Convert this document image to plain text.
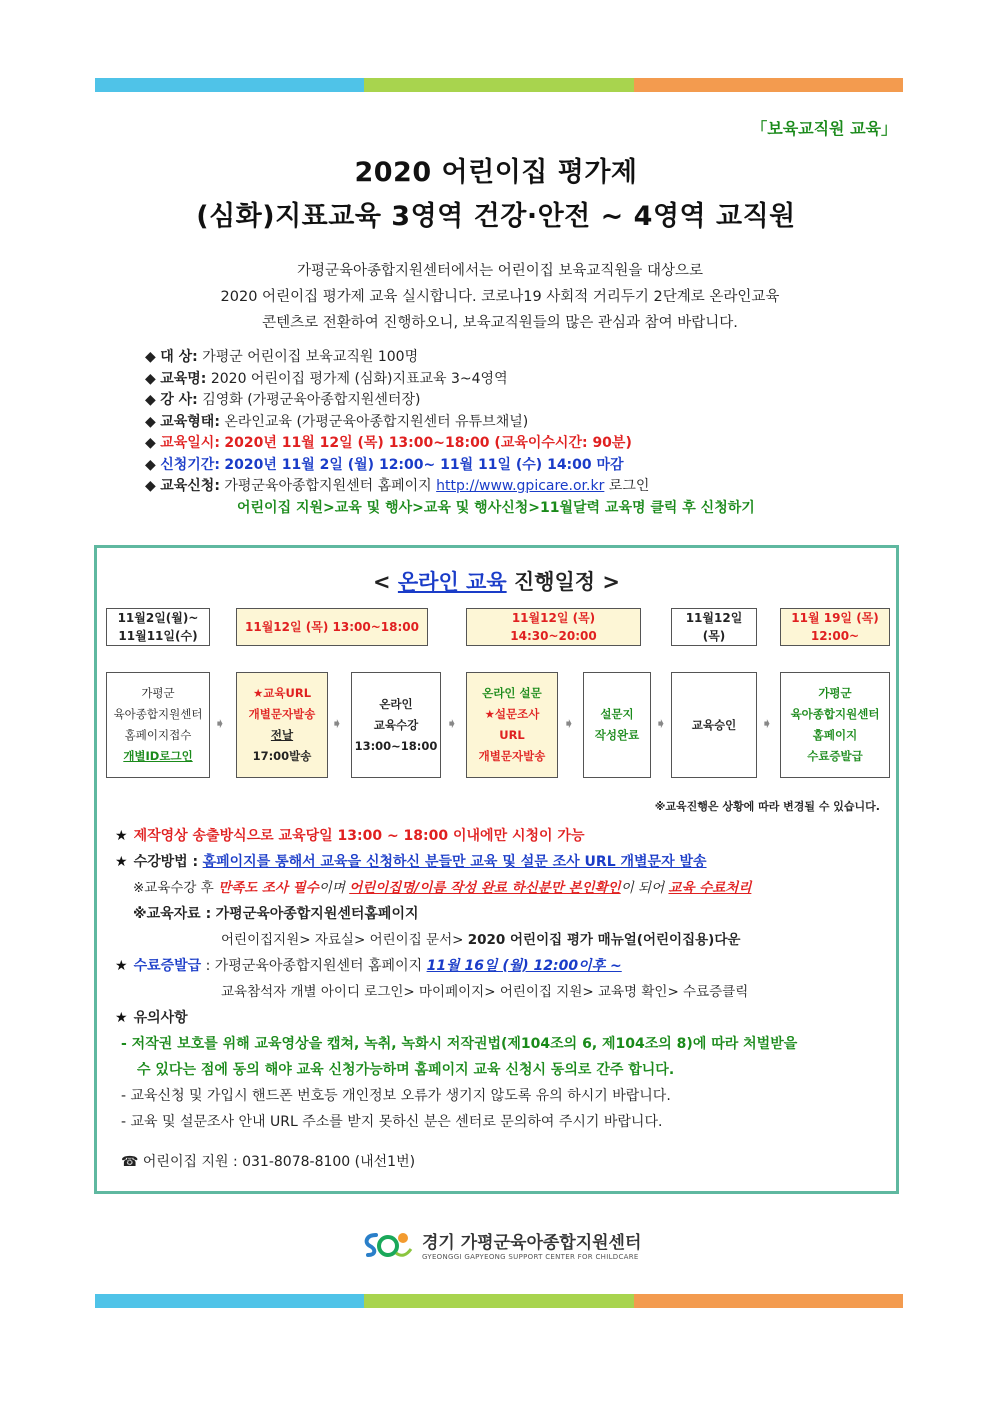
「보육교직원 교육」
2020 어린이집 평가제
(심화)지표교육 3영역 건강·안전 ~ 4영역 교직원
가평군육아종합지원센터에서는 어린이집 보육교직원을 대상으로
2020 어린이집 평가제 교육 실시합니다. 코로나19 사회적 거리두기 2단계로 온라인교육
콘텐츠로 전환하여 진행하오니, 보육교직원들의 많은 관심과 참여 바랍니다.
◆ 대 상: 가평군 어린이집 보육교직원 100명
◆ 교육명: 2020 어린이집 평가제 (심화)지표교육 3~4영역
◆ 강 사: 김영화 (가평군육아종합지원센터장)
◆ 교육형태: 온라인교육 (가평군육아종합지원센터 유튜브채널)
◆ 교육일시: 2020년 11월 12일 (목) 13:00~18:00 (교육이수시간: 90분)
◆ 신청기간: 2020년 11월 2일 (월) 12:00~ 11월 11일 (수) 14:00 마감
◆ 교육신청: 가평군육아종합지원센터 홈페이지 http://www.gpicare.or.kr 로그인
어린이집 지원>교육 및 행사>교육 및 행사신청>11월달력 교육명 클릭 후 신청하기
< 온라인 교육 진행일정 >
11월2일(월)~
11월11일(수)
11월12일 (목) 13:00~18:00
11월12일 (목) 14:30~20:00
11월12일
(목)
11월 19일 (목)
12:00~
가평군
육아종합지원센터
홈페이지접수
개별ID로그인
➧
★교육URL
개별문자발송
전날
17:00발송
➧
온라인
교육수강
13:00~18:00
➧
온라인 설문
★설문조사
URL
개별문자발송
➧
설문지
작성완료
➧ 교육승인 ➧
가평군
육아종합지원센터
홈페이지
수료증발급
※교육진행은 상황에 따라 변경될 수 있습니다.
★ 제작영상 송출방식으로 교육당일 13:00 ~ 18:00 이내에만 시청이 가능
★ 수강방법 : 홈페이지를 통해서 교육을 신청하신 분들만 교육 및 설문 조사 URL 개별문자 발송
※교육수강 후 만족도 조사 필수이며 어린이집명/이름 작성 완료 하신분만 본인확인이 되어 교육 수료처리
※교육자료 : 가평군육아종합지원센터홈페이지
어린이집지원> 자료실> 어린이집 문서> 2020 어린이집 평가 매뉴얼(어린이집용)다운
★ 수료증발급 : 가평군육아종합지원센터 홈페이지 11월 16일 (월) 12:00이후 ~
교육참석자 개별 아이디 로그인> 마이페이지> 어린이집 지원> 교육명 확인> 수료증클릭
★ 유의사항
- 저작권 보호를 위해 교육영상을 캡쳐, 녹취, 녹화시 저작권법(제104조의 6, 제104조의 8)에 따라 처벌받을
수 있다는 점에 동의 해야 교육 신청가능하며 홈페이지 교육 신청시 동의로 간주 합니다.
- 교육신청 및 가입시 핸드폰 번호등 개인정보 오류가 생기지 않도록 유의 하시기 바랍니다.
- 교육 및 설문조사 안내 URL 주소를 받지 못하신 분은 센터로 문의하여 주시기 바랍니다.
☎ 어린이집 지원 : 031-8078-8100 (내선1번)
경기 가평군육아종합지원센터
GYEONGGI GAPYEONG SUPPORT CENTER FOR CHILDCARE
